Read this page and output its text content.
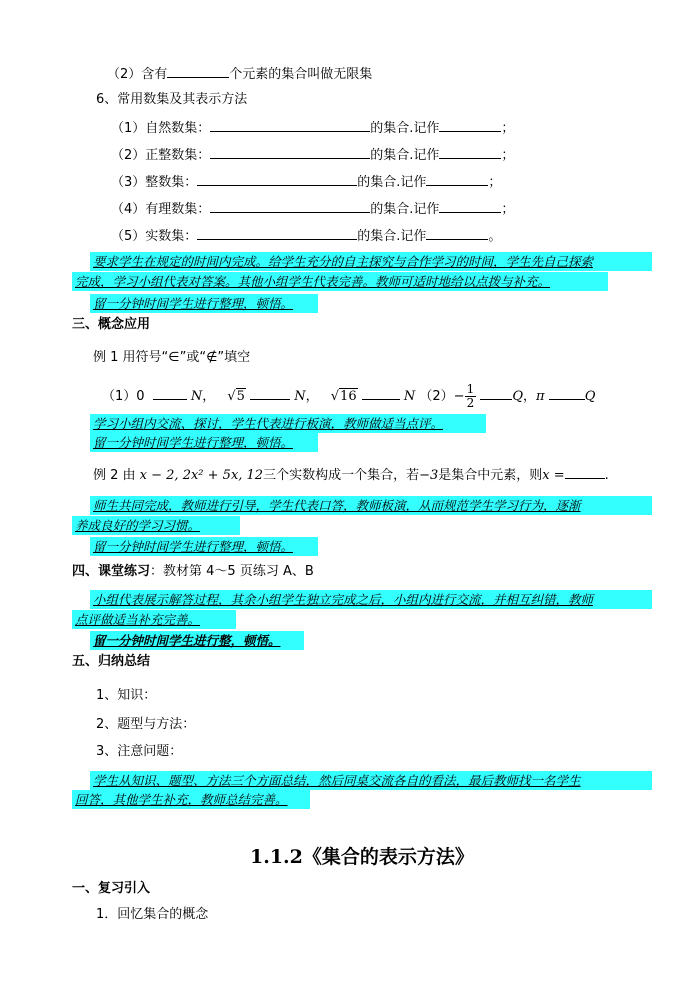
（2）含有	个元素的集合叫做无限集
6、常用数集及其表示方法
（1）自然数集：	的集合.记作	；
（2）正整数集：	的集合.记作	；
（3）整数集：	的集合.记作	；
（4）有理数集：	的集合.记作	；
（5）实数集：	的集合.记作	。
要求学生在规定的时间内完成。给学生充分的自主探究与合作学习的时间，学生先自己探索
完成，学习小组代表对答案。其他小组学生代表完善。教师可适时地给以点拨与补充。
留一分钟时间学生进行整理，顿悟。
三、概念应用
例 1 用符号“∈”或“∉”填空
（1）0	N， √5	N， √16	N $(2)- \frac{1}{2}$	Q，π	Q
学习小组内交流、探讨，学生代表进行板演，教师做适当点评。
留一分钟时间学生进行整理，顿悟。
例 2 由 x − 2, 2x² + 5x, 12三个实数构成一个集合，若−3是集合中元素，则x =	.
师生共同完成，教师进行引导，学生代表口答，教师板演，从而规范学生学习行为，逐渐
养成良好的学习习惯。
留一分钟时间学生进行整理，顿悟。
四、课堂练习：教材第 4～5 页练习 A、B
小组代表展示解答过程，其余小组学生独立完成之后，小组内进行交流，并相互纠错，教师
点评做适当补充完善。
留一分钟时间学生进行整，顿悟。
五、归纳总结
1、知识：
2、题型与方法：
3、注意问题：
学生从知识、题型、方法三个方面总结，然后同桌交流各自的看法，最后教师找一名学生
回答，其他学生补充，教师总结完善。
1.1.2《集合的表示方法》
一、复习引入
1．回忆集合的概念
